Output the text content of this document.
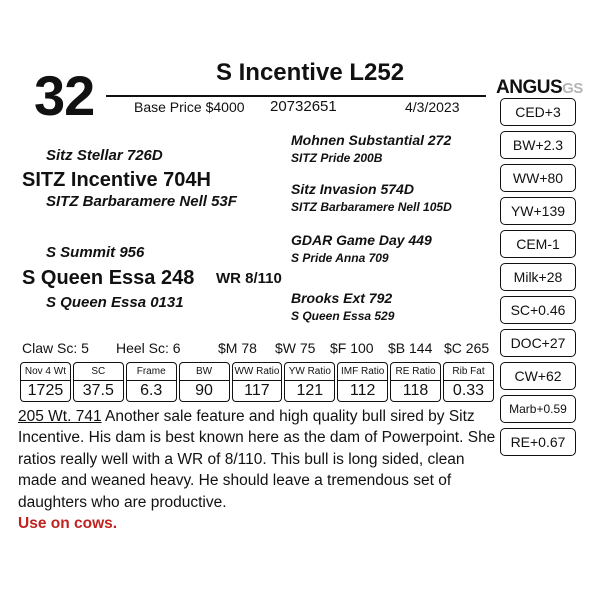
32	S Incentive L252
Base Price $4000 20732651	4/3/2023
Sitz Stellar 726D
SITZ Incentive 704H
SITZ Barbaramere Nell 53F
S Summit 956
S Queen Essa 248 WR 8/110
S Queen Essa 0131
Mohnen Substantial 272
SITZ Pride 200B
Sitz Invasion 574D
SITZ Barbaramere Nell 105D
GDAR Game Day 449
S Pride Anna 709
Brooks Ext 792
S Queen Essa 529
ANGUSGS
CED+3
BW+2.3
WW+80
YW+139
CEM-1
Milk+28
SC+0.46
DOC+27
CW+62
Marb+0.59
RE+0.67
Claw Sc: 5 Heel Sc: 6	$M 78 $W 75 $F 100 $B 144 $C 265
Nov 4 Wt	SC	Frame	BW	WW Ratio	YW Ratio	IMF Ratio	RE Ratio	Rib Fat
1725	37.5	6.3	90	117	121	112	118	0.33
205 Wt. 741 Another sale feature and high quality bull sired by Sitz Incentive. His dam is best known here as the dam of Powerpoint. She ratios really well with a WR of 8/110. This bull is long sided, clean made and weaned heavy. He should leave a tremendous set of daughters who are productive.
Use on cows.
